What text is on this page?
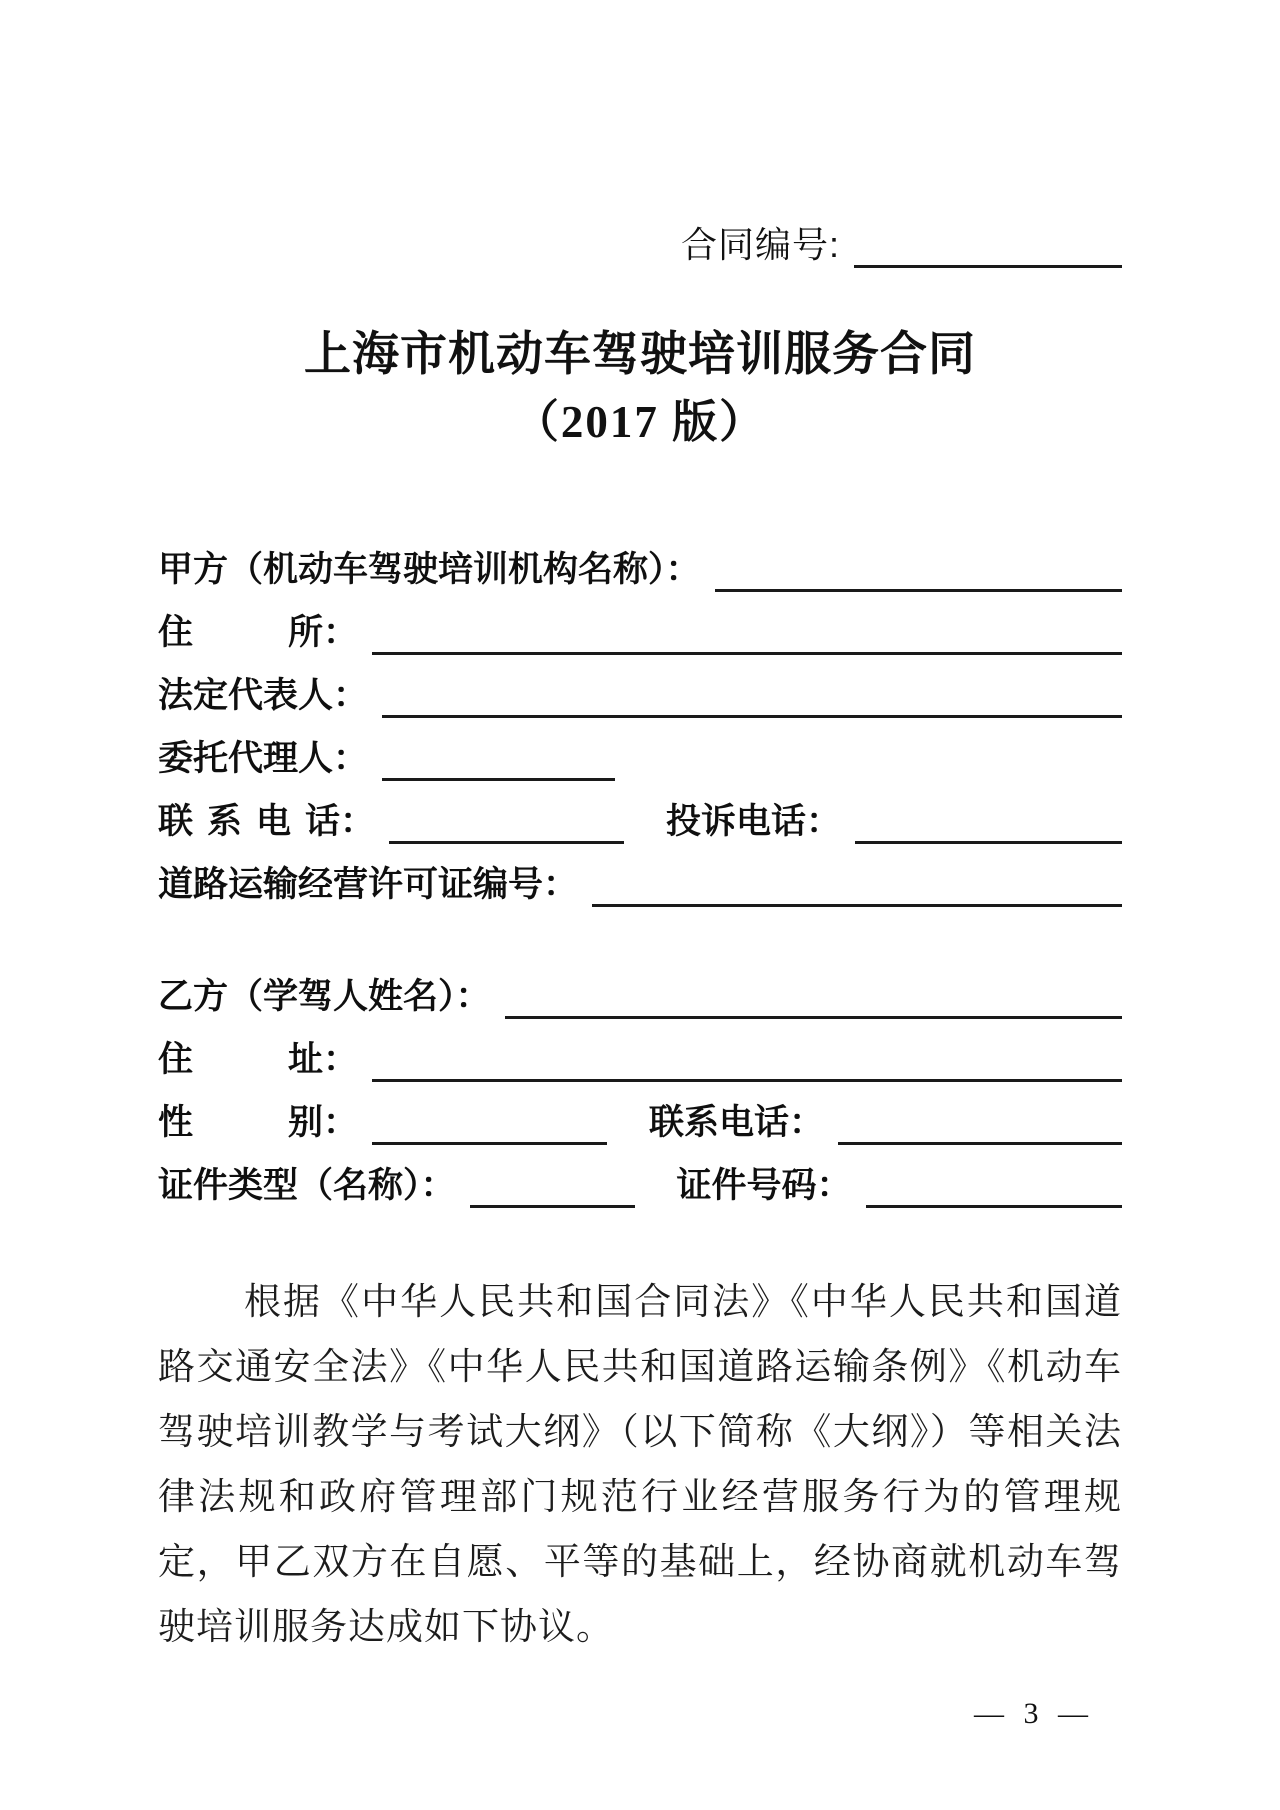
合同编号:
上海市机动车驾驶培训服务合同
（2017 版）
甲方（机动车驾驶培训机构名称）：
住	所 ：
法定代表人：
委托代理人：
联 系 电 话 ：	投诉电话：
道路运输经营许可证编号：
乙方（学驾人姓名）：
住	址 ：
性	别 ：	联系电话：
证件类型（名称）：	证件号码：

根据《中华人民共和国合同法》《中华人民共和国道路交通安全法》《中华人民共和国道路运输条例》《机动车驾驶培训教学与考试大纲》（以下简称《大纲》）等相关法律法规和政府管理部门规范行业经营服务行为的管理规定，甲乙双方在自愿、平等的基础上，经协商就机动车驾驶培训服务达成如下协议。

— 3 —
